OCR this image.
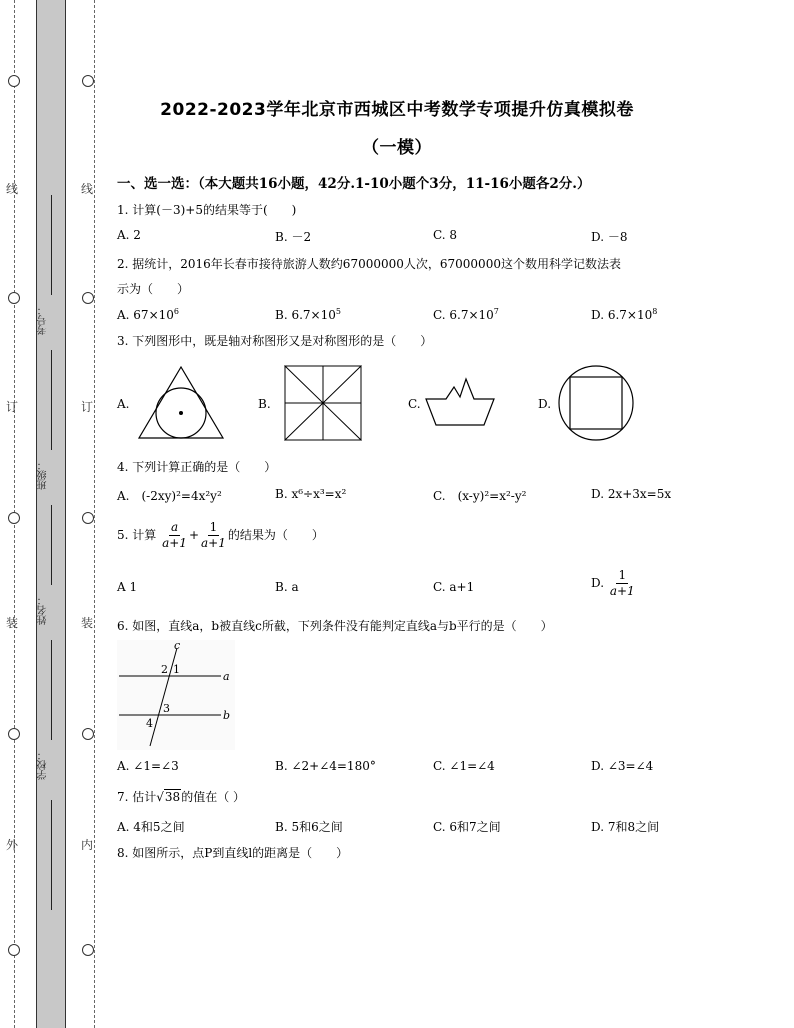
线
订
装
外
线
订
装
内
考号：
班级：
姓名：
学校：
2022-2023学年北京市西城区中考数学专项提升仿真模拟卷
（一模）
一、选一选：（本大题共16小题，42分.1-10小题个3分，11-16小题各2分.）
1. 计算(－3)+5的结果等于(　　)
A. 2	B. －2	C. 8	D. －8
2. 据统计，2016年长春市接待旅游人数约67000000人次，67000000这个数用科学记数法表
示为（　　）
A. $67\times 10^6$	B. $6.7\times 10^5$	C. $6.7\times 10^7$	D. $6.7\times 10^8$
3. 下列图形中，既是轴对称图形又是对称图形的是（　　）
A.	B.	C.	D.
4. 下列计算正确的是（　　）
A.　(-2xy)²=4x²y²	B. x⁶÷x³=x²	C.　(x-y)²=x²-y²	D. 2x+3x=5x
5. 计算 $\frac{a}{a+1} + \frac{1}{a+1}$ 的结果为（　　）
A 1	B. a	C. a+1	D. $\frac{1}{a+1}$
6. 如图，直线a，b被直线c所截，下列条件没有能判定直线a与b平行的是（　　）
c
a
b
1
2
3
4
A. ∠1=∠3	B. ∠2+∠4=180°	C. ∠1=∠4	D. ∠3=∠4
7. 估计√38的值在（ ）
A. 4和5之间	B. 5和6之间	C. 6和7之间	D. 7和8之间
8. 如图所示，点P到直线l的距离是（　　）
